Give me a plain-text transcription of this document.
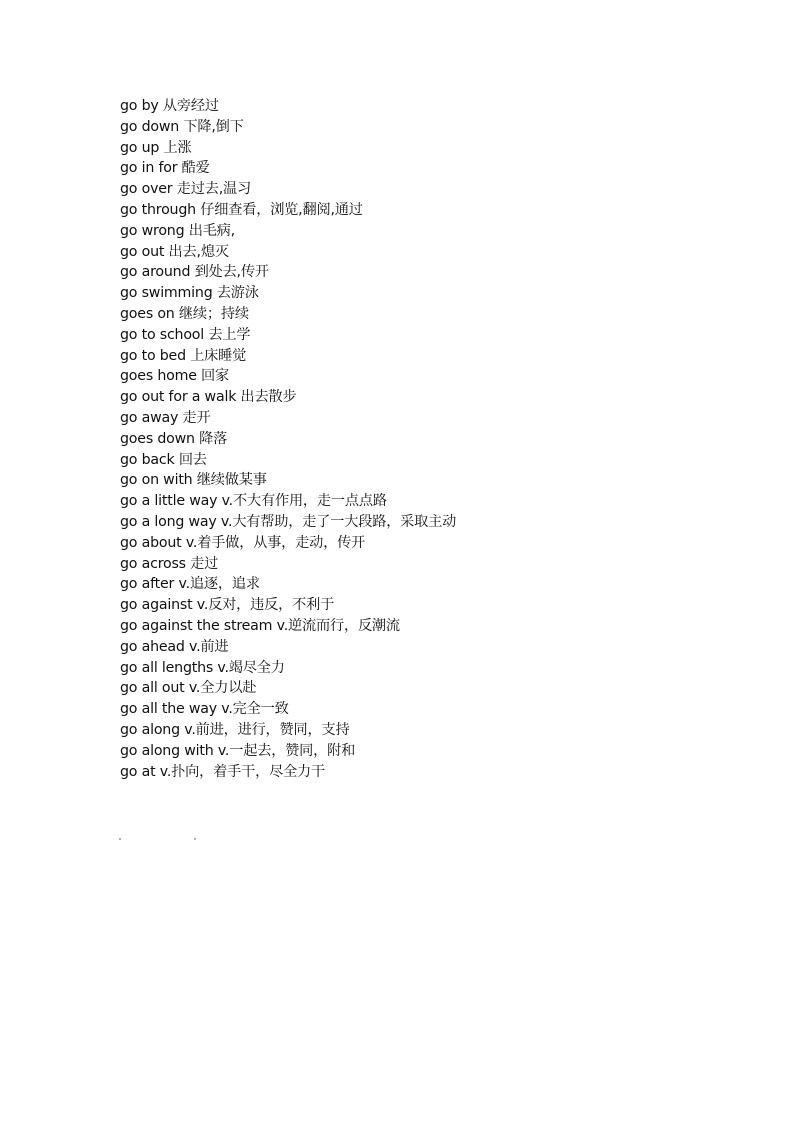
go by 从旁经过
go down 下降,倒下
go up 上涨
go in for 酷爱
go over 走过去,温习
go through 仔细查看，浏览,翻阅,通过
go wrong 出毛病,
go out 出去,熄灭
go around 到处去,传开
go swimming 去游泳
goes on 继续；持续
go to school 去上学
go to bed 上床睡觉
goes home 回家
go out for a walk 出去散步
go away 走开
goes down 降落
go back 回去
go on with 继续做某事
go a little way v.不大有作用，走一点点路
go a long way v.大有帮助，走了一大段路，采取主动
go about v.着手做，从事，走动，传开
go across 走过
go after v.追逐，追求
go against v.反对，违反，不利于
go against the stream v.逆流而行，反潮流
go ahead v.前进
go all lengths v.竭尽全力
go all out v.全力以赴
go all the way v.完全一致
go along v.前进，进行，赞同，支持
go along with v.一起去，赞同，附和
go at v.扑向，着手干，尽全力干
